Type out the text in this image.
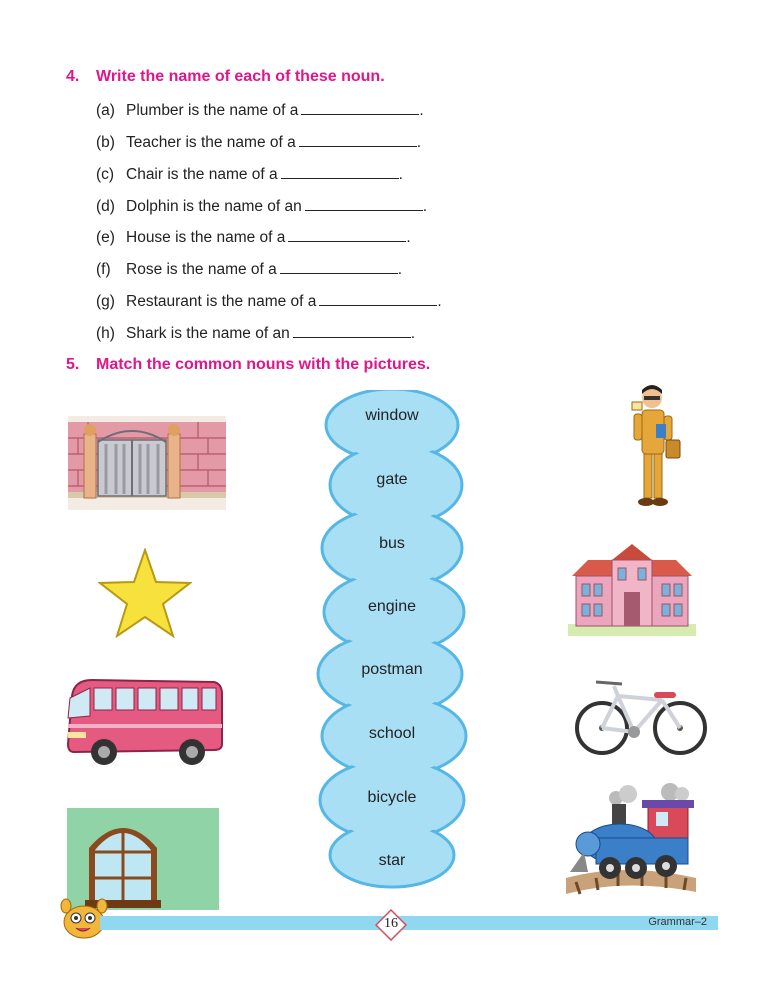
4. Write the name of each of these noun.
(a) Plumber is the name of a	.
(b) Teacher is the name of a	.
(c) Chair is the name of a	.
(d) Dolphin is the name of an	.
(e) House is the name of a	.
(f) Rose is the name of a	.
(g) Restaurant is the name of a	.
(h) Shark is the name of an	.
5. Match the common nouns with the pictures.
window
gate
bus
engine
postman
school
bicycle
star
16	Grammar–2
